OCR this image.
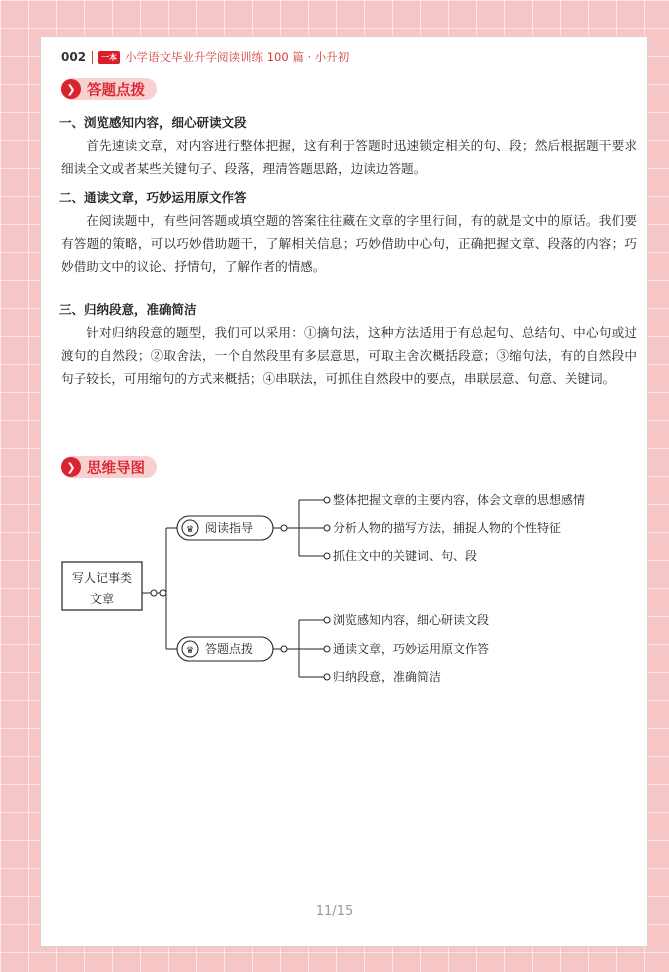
002	一本 小学语文毕业升学阅读训练 100 篇 · 小升初
❯ 答题点拨
一、浏览感知内容，细心研读文段
首先速读文章，对内容进行整体把握，这有利于答题时迅速锁定相关的句、段；然后根据题干要求细读全文或者某些关键句子、段落，理清答题思路，边读边答题。
二、通读文章，巧妙运用原文作答
在阅读题中，有些问答题或填空题的答案往往藏在文章的字里行间，有的就是文中的原话。我们要有答题的策略，可以巧妙借助题干，了解相关信息；巧妙借助中心句，正确把握文章、段落的内容；巧妙借助文中的议论、抒情句，了解作者的情感。
三、归纳段意，准确简洁
针对归纳段意的题型，我们可以采用：①摘句法，这种方法适用于有总起句、总结句、中心句或过渡句的自然段；②取舍法，一个自然段里有多层意思，可取主舍次概括段意；③缩句法，有的自然段中句子较长，可用缩句的方式来概括；④串联法，可抓住自然段中的要点，串联层意、句意、关键词。
❯ 思维导图
写人记事类
文章
♛ 阅读指导
整体把握文章的主要内容，体会文章的思想感情
分析人物的描写方法，捕捉人物的个性特征
抓住文中的关键词、句、段
♛ 答题点拨
浏览感知内容，细心研读文段
通读文章，巧妙运用原文作答
归纳段意，准确简洁
11/15
